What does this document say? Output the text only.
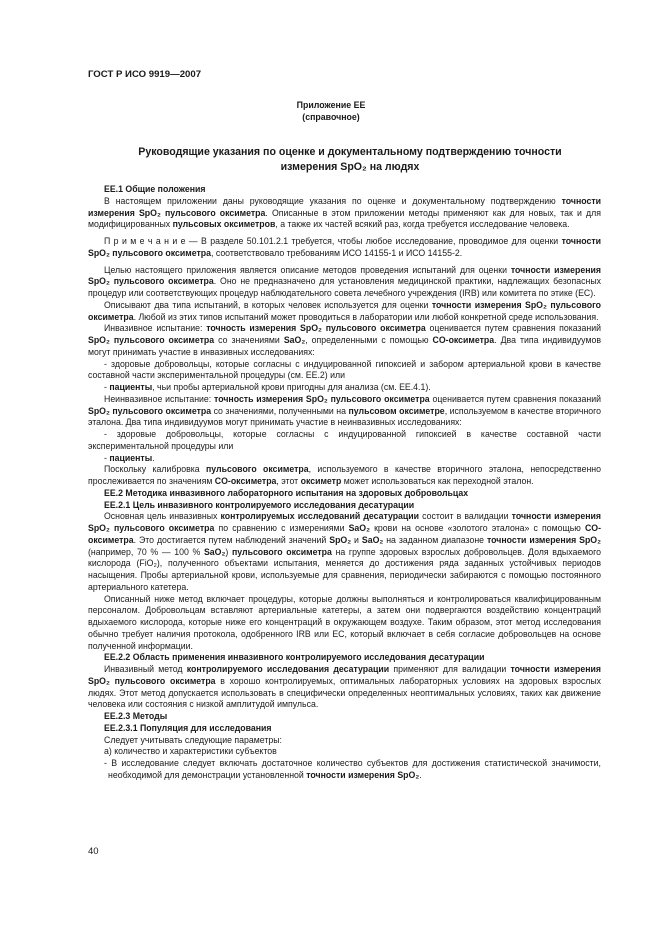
ГОСТ Р ИСО 9919—2007
Приложение ЕЕ
(справочное)
Руководящие указания по оценке и документальному подтверждению точности
измерения SpO₂ на людях
ЕЕ.1 Общие положения
В настоящем приложении даны руководящие указания по оценке и документальному подтверждению точности измерения SpO₂ пульсового оксиметра. Описанные в этом приложении методы применяют как для новых, так и для модифицированных пульсовых оксиметров, а также их частей всякий раз, когда требуется исследование человека.
П р и м е ч а н и е — В разделе 50.101.2.1 требуется, чтобы любое исследование, проводимое для оценки точности SpO₂ пульсового оксиметра, соответствовало требованиям ИСО 14155-1 и ИСО 14155-2.
Целью настоящего приложения является описание методов проведения испытаний для оценки точности измерения SpO₂ пульсового оксиметра. Оно не предназначено для установления медицинской практики, надлежащих безопасных процедур или соответствующих процедур наблюдательного совета лечебного учреждения (IRB) или комитета по этике (EC).
Описывают два типа испытаний, в которых человек используется для оценки точности измерения SpO₂ пульсового оксиметра. Любой из этих типов испытаний может проводиться в лаборатории или любой конкретной среде использования.
Инвазивное испытание: точность измерения SpO₂ пульсового оксиметра оценивается путем сравнения показаний SpO₂ пульсового оксиметра со значениями SaO₂, определенными с помощью CO-оксиметра. Два типа индивидуумов могут принимать участие в инвазивных исследованиях:
- здоровые добровольцы, которые согласны с индуцированной гипоксией и забором артериальной крови в качестве составной части экспериментальной процедуры (см. ЕЕ.2) или
- пациенты, чьи пробы артериальной крови пригодны для анализа (см. ЕЕ.4.1).
Неинвазивное испытание: точность измерения SpO₂ пульсового оксиметра оценивается путем сравнения показаний SpO₂ пульсового оксиметра со значениями, полученными на пульсовом оксиметре, используемом в качестве вторичного эталона. Два типа индивидуумов могут принимать участие в неинвазивных исследованиях:
- здоровые добровольцы, которые согласны с индуцированной гипоксией в качестве составной части экспериментальной процедуры или
- пациенты.
Поскольку калибровка пульсового оксиметра, используемого в качестве вторичного эталона, непосредственно прослеживается по значениям CO-оксиметра, этот оксиметр может использоваться как переходной эталон.
ЕЕ.2 Методика инвазивного лабораторного испытания на здоровых добровольцах
ЕЕ.2.1 Цель инвазивного контролируемого исследования десатурации
Основная цель инвазивных контролируемых исследований десатурации состоит в валидации точности измерения SpO₂ пульсового оксиметра по сравнению с измерениями SaO₂ крови на основе «золотого эталона» с помощью CO-оксиметра. Это достигается путем наблюдений значений SpO₂ и SaO₂ на заданном диапазоне точности измерения SpO₂ (например, 70 % — 100 % SaO₂) пульсового оксиметра на группе здоровых взрослых добровольцев. Доля вдыхаемого кислорода (FiO₂), полученного объектами испытания, меняется до достижения ряда заданных устойчивых периодов насыщения. Пробы артериальной крови, используемые для сравнения, периодически забираются с помощью постоянного артериального катетера.
Описанный ниже метод включает процедуры, которые должны выполняться и контролироваться квалифицированным персоналом. Добровольцам вставляют артериальные катетеры, а затем они подвергаются воздействию концентраций вдыхаемого кислорода, которые ниже его концентраций в окружающем воздухе. Таким образом, этот метод исследования обычно требует наличия протокола, одобренного IRB или EC, который включает в себя согласие добровольцев на основе полученной информации.
ЕЕ.2.2 Область применения инвазивного контролируемого исследования десатурации
Инвазивный метод контролируемого исследования десатурации применяют для валидации точности измерения SpO₂ пульсового оксиметра в хорошо контролируемых, оптимальных лабораторных условиях на здоровых взрослых людях. Этот метод допускается использовать в специфически определенных неоптимальных условиях, таких как движение человека или состояния с низкой амплитудой импульса.
ЕЕ.2.3 Методы
ЕЕ.2.3.1 Популяция для исследования
Следует учитывать следующие параметры:
а) количество и характеристики субъектов
- В исследование следует включать достаточное количество субъектов для достижения статистической значимости, необходимой для демонстрации установленной точности измерения SpO₂.
40
